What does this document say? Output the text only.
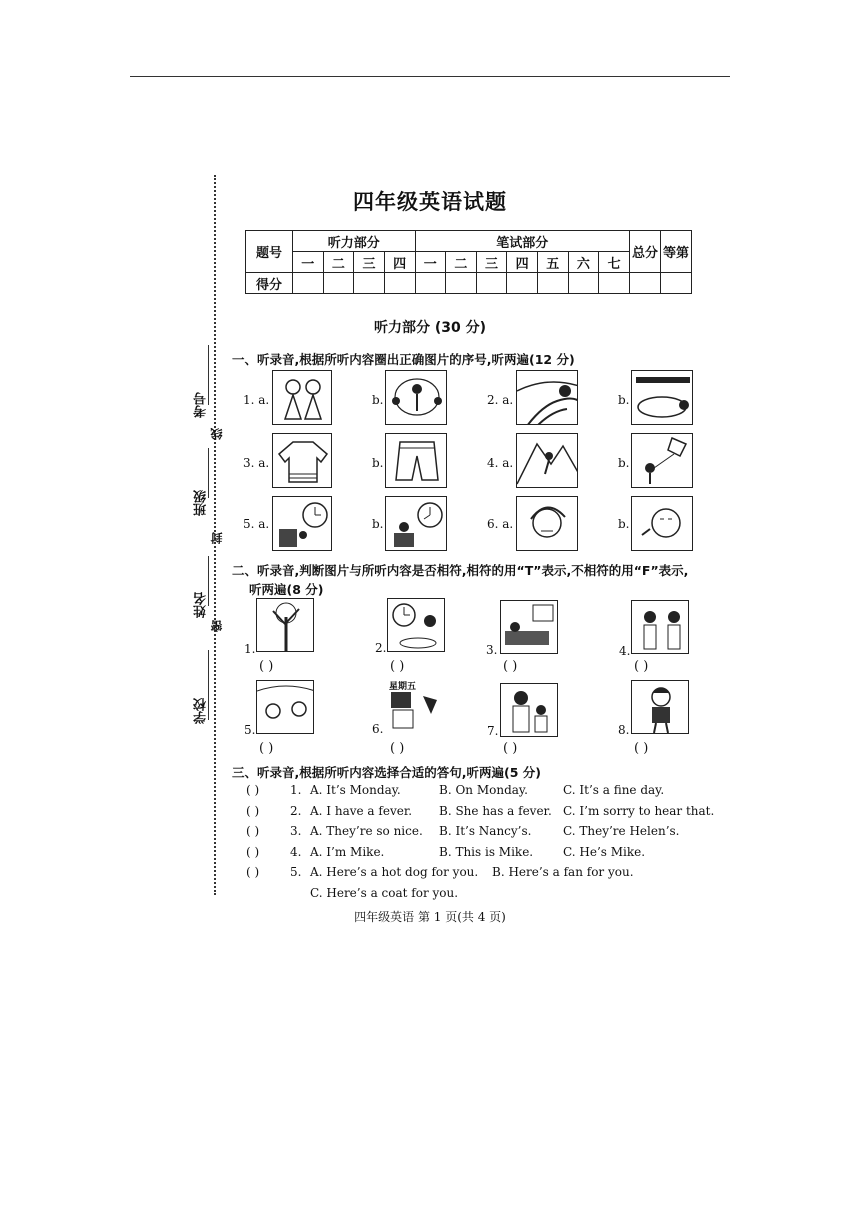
考号
线
班级
封
姓名
密
学校
四年级英语试题
题号	听力部分				笔试部分							总分	等第
	一	二	三	四	一	二	三	四	五	六	七		
得分													
听力部分 (30 分)
一、听录音,根据所听内容圈出正确图片的序号,听两遍(12 分)
1. a.	b.	2. a.	b.
3. a.	b.	4. a.	b.
5. a.	b.	6. a.	b.
二、听录音,判断图片与所听内容是否相符,相符的用“T”表示,不相符的用“F”表示,
听两遍(8 分)
1.
( )
2.
( )
3.
( )
4.
( )
5.
( )
6.
星期五
( )
7.
( )
8.
( )
三、听录音,根据所听内容选择合适的答句,听两遍(5 分)
( )	1. A. It’s Monday.	B. On Monday.	C. It’s a fine day.
( )	2. A. I have a fever. B. She has a fever. C. I’m sorry to hear that.
( )	3. A. They’re so nice. B. It’s Nancy’s.	C. They’re Helen’s.
( )	4. A. I’m Mike.	B. This is Mike. C. He’s Mike.
( )	5. A. Here’s a hot dog for you. B. Here’s a fan for you.
C. Here’s a coat for you.
四年级英语 第 1 页(共 4 页)
